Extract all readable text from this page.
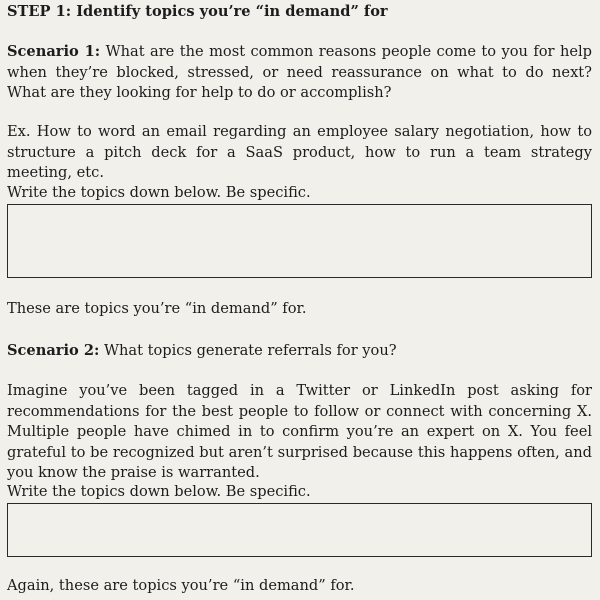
STEP 1: Identify topics you’re “in demand” for

Scenario 1: What are the most common reasons people come to you for help when they’re blocked, stressed, or need reassurance on what to do next? What are they looking for help to do or accomplish?

Ex. How to word an email regarding an employee salary negotiation, how to structure a pitch deck for a SaaS product, how to run a team strategy meeting, etc.

Write the topics down below. Be specific.

These are topics you’re “in demand” for.

Scenario 2: What topics generate referrals for you?

Imagine you’ve been tagged in a Twitter or LinkedIn post asking for recommendations for the best people to follow or connect with concerning X. Multiple people have chimed in to confirm you’re an expert on X. You feel grateful to be recognized but aren’t surprised because this happens often, and you know the praise is warranted.

Write the topics down below. Be specific.

Again, these are topics you’re “in demand” for.
